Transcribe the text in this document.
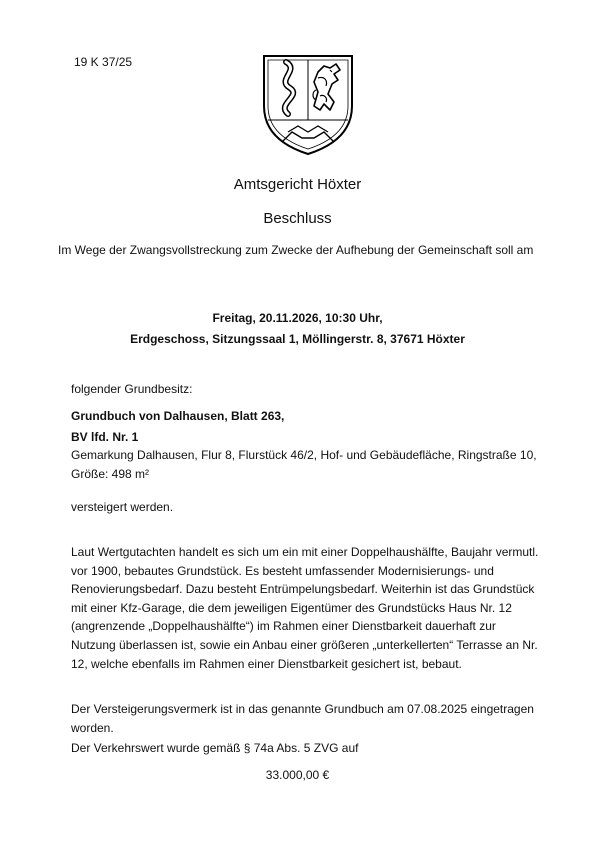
19 K 37/25
Amtsgericht Höxter
Beschluss
Im Wege der Zwangsvollstreckung zum Zwecke der Aufhebung der Gemeinschaft soll am
Freitag, 20.11.2026, 10:30 Uhr,
Erdgeschoss, Sitzungssaal 1, Möllingerstr. 8, 37671 Höxter
folgender Grundbesitz:
Grundbuch von Dalhausen, Blatt 263,
BV lfd. Nr. 1
Gemarkung Dalhausen, Flur 8, Flurstück 46/2, Hof- und Gebäudefläche, Ringstraße 10, Größe: 498 m²
versteigert werden.
Laut Wertgutachten handelt es sich um ein mit einer Doppelhaushälfte, Baujahr vermutl. vor 1900, bebautes Grundstück. Es besteht umfassender Modernisierungs- und Renovierungsbedarf. Dazu besteht Entrümpelungsbedarf. Weiterhin ist das Grundstück mit einer Kfz-Garage, die dem jeweiligen Eigentümer des Grundstücks Haus Nr. 12 (angrenzende „Doppelhaushälfte“) im Rahmen einer Dienstbarkeit dauerhaft zur Nutzung überlassen ist, sowie ein Anbau einer größeren „unterkellerten“ Terrasse an Nr. 12, welche ebenfalls im Rahmen einer Dienstbarkeit gesichert ist, bebaut.
Der Versteigerungsvermerk ist in das genannte Grundbuch am 07.08.2025 eingetragen worden.
Der Verkehrswert wurde gemäß § 74a Abs. 5 ZVG auf
33.000,00 €
